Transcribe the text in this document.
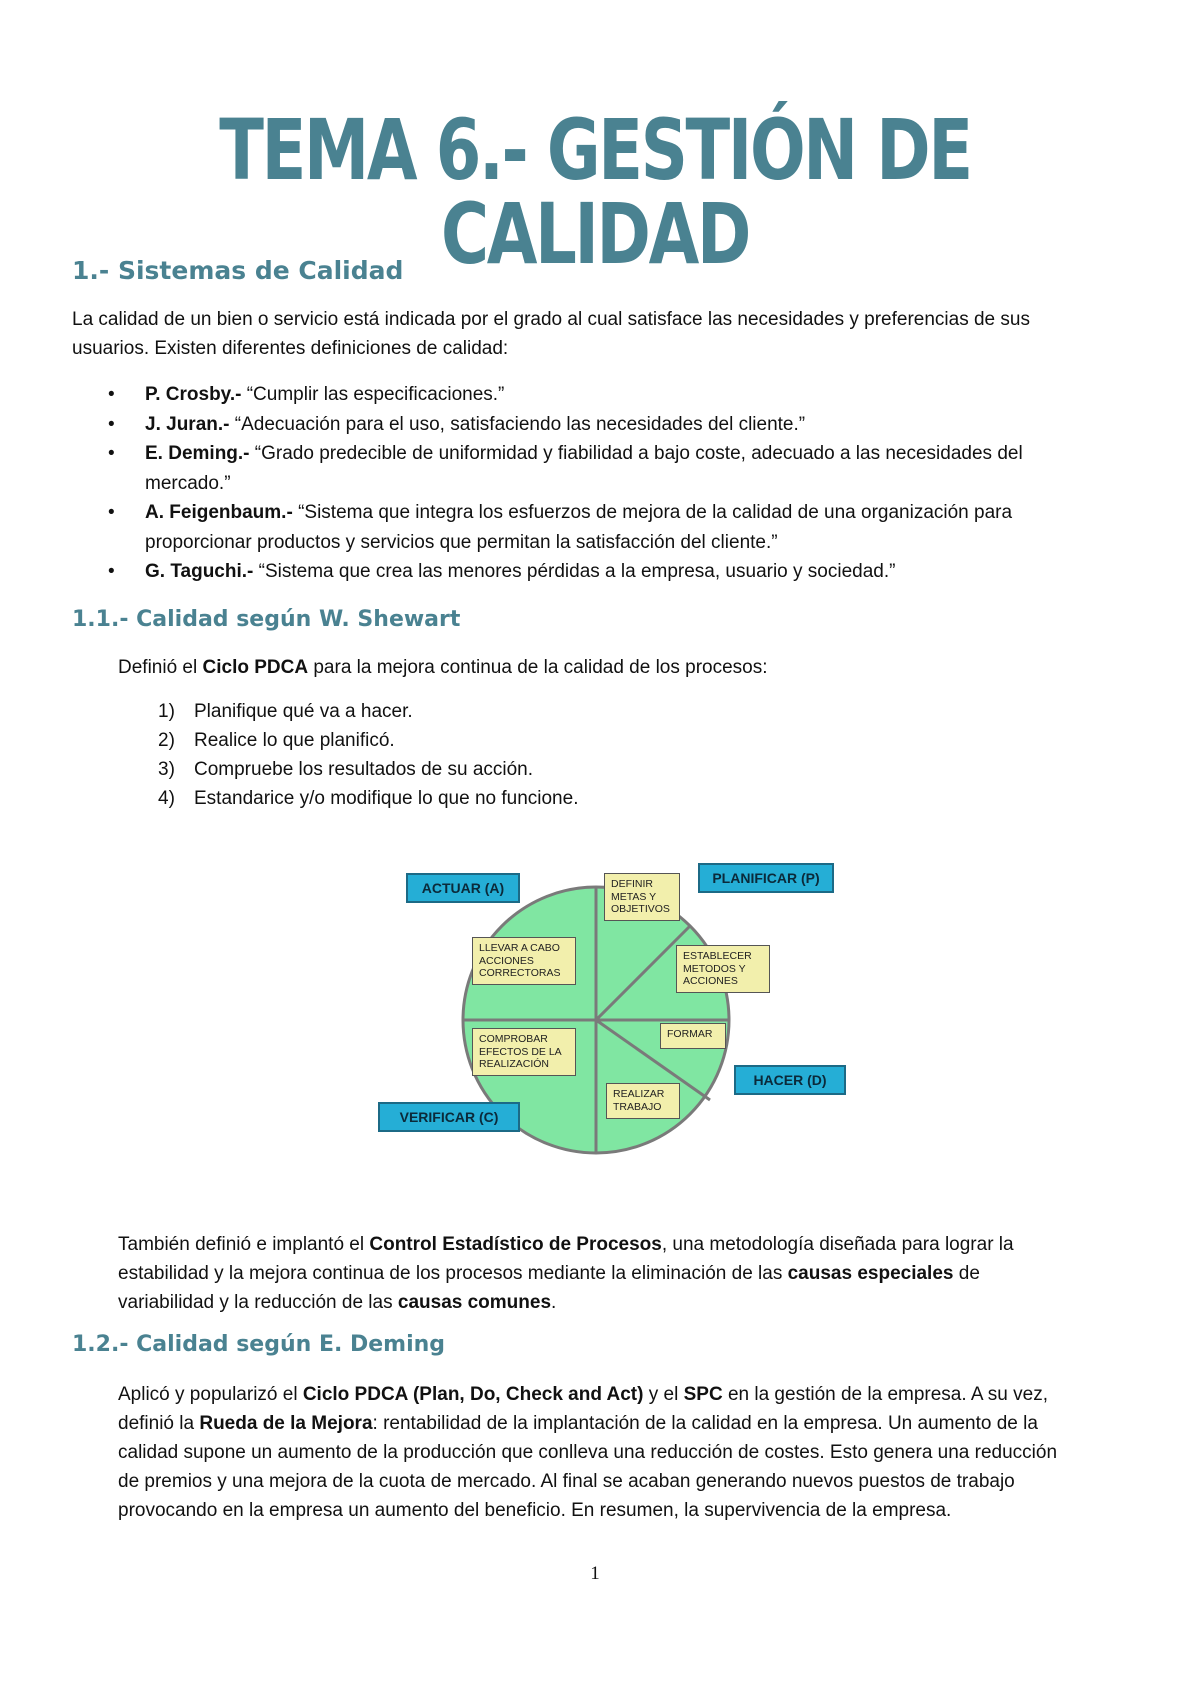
TEMA 6.- GESTIÓN DE CALIDAD
1.- Sistemas de Calidad

La calidad de un bien o servicio está indicada por el grado al cual satisface las necesidades y preferencias de sus
usuarios. Existen diferentes definiciones de calidad:

• P. Crosby.- “Cumplir las especificaciones.”
• J. Juran.- “Adecuación para el uso, satisfaciendo las necesidades del cliente.”
• E. Deming.- “Grado predecible de uniformidad y fiabilidad a bajo coste, adecuado a las necesidades del
mercado.”
• A. Feigenbaum.- “Sistema que integra los esfuerzos de mejora de la calidad de una organización para
proporcionar productos y servicios que permitan la satisfacción del cliente.”
• G. Taguchi.- “Sistema que crea las menores pérdidas a la empresa, usuario y sociedad.”
1.1.- Calidad según W. Shewart

Definió el Ciclo PDCA para la mejora continua de la calidad de los procesos:

1) Planifique qué va a hacer.
2) Realice lo que planificó.
3) Compruebe los resultados de su acción.
4) Estandarice y/o modifique lo que no funcione.
ACTUAR (A)
PLANIFICAR (P)
HACER (D)
VERIFICAR (C)
DEFINIR
METAS Y
OBJETIVOS
ESTABLECER
METODOS Y
ACCIONES
FORMAR
REALIZAR
TRABAJO
COMPROBAR
EFECTOS DE LA
REALIZACIÓN
LLEVAR A CABO
ACCIONES
CORRECTORAS

También definió e implantó el Control Estadístico de Procesos, una metodología diseñada para lograr la
estabilidad y la mejora continua de los procesos mediante la eliminación de las causas especiales de
variabilidad y la reducción de las causas comunes.

1.2.- Calidad según E. Deming

Aplicó y popularizó el Ciclo PDCA (Plan, Do, Check and Act) y el SPC en la gestión de la empresa. A su vez,
definió la Rueda de la Mejora: rentabilidad de la implantación de la calidad en la empresa. Un aumento de la
calidad supone un aumento de la producción que conlleva una reducción de costes. Esto genera una reducción
de premios y una mejora de la cuota de mercado. Al final se acaban generando nuevos puestos de trabajo
provocando en la empresa un aumento del beneficio. En resumen, la supervivencia de la empresa.

1
